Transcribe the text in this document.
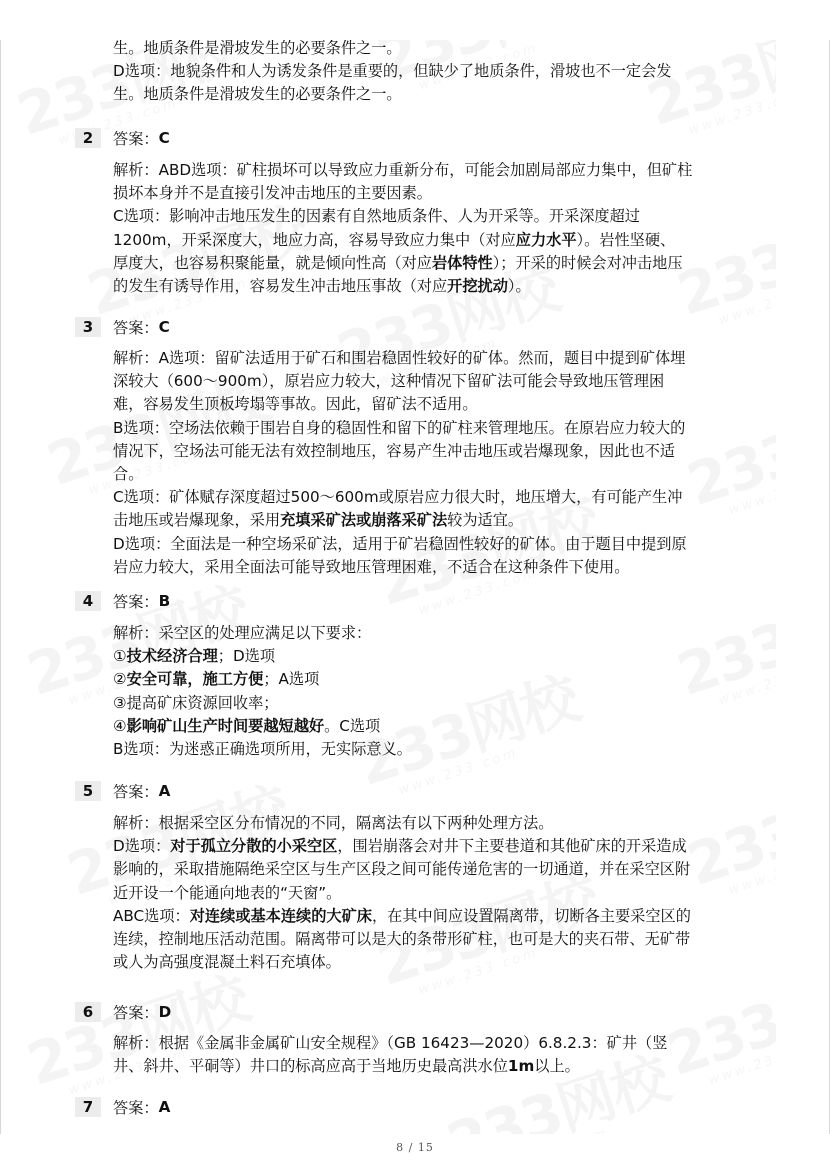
生。地质条件是滑坡发生的必要条件之一。

D选项：地貌条件和人为诱发条件是重要的，但缺少了地质条件，滑坡也不一定会发

生。地质条件是滑坡发生的必要条件之一。

2	答案： C

解析：ABD选项：矿柱损坏可以导致应力重新分布，可能会加剧局部应力集中，但矿柱

损坏本身并不是直接引发冲击地压的主要因素。

C选项：影响冲击地压发生的因素有自然地质条件、人为开采等。开采深度超过

1200m，开采深度大，地应力高，容易导致应力集中（对应应力水平）。岩性坚硬、

厚度大，也容易积聚能量，就是倾向性高（对应岩体特性）；开采的时候会对冲击地压

的发生有诱导作用，容易发生冲击地压事故（对应开挖扰动）。

3	答案： C

解析：A选项：留矿法适用于矿石和围岩稳固性较好的矿体。然而，题目中提到矿体埋

深较大（600～900m），原岩应力较大，这种情况下留矿法可能会导致地压管理困

难，容易发生顶板垮塌等事故。因此，留矿法不适用。

B选项：空场法依赖于围岩自身的稳固性和留下的矿柱来管理地压。在原岩应力较大的

情况下，空场法可能无法有效控制地压，容易产生冲击地压或岩爆现象，因此也不适

合。

C选项：矿体赋存深度超过500～600m或原岩应力很大时，地压增大，有可能产生冲

击地压或岩爆现象，采用充填采矿法或崩落采矿法较为适宜。

D选项：全面法是一种空场采矿法，适用于矿岩稳固性较好的矿体。由于题目中提到原

岩应力较大，采用全面法可能导致地压管理困难，不适合在这种条件下使用。

4	答案： B

解析：采空区的处理应满足以下要求：

①技术经济合理；D选项

②安全可靠，施工方便；A选项

③提高矿床资源回收率；

④影响矿山生产时间要越短越好。C选项

B选项：为迷惑正确选项所用，无实际意义。

5	答案： A

解析：根据采空区分布情况的不同，隔离法有以下两种处理方法。

D选项：对于孤立分散的小采空区，围岩崩落会对井下主要巷道和其他矿床的开采造成

影响的，采取措施隔绝采空区与生产区段之间可能传递危害的一切通道，并在采空区附

近开设一个能通向地表的“天窗”。

ABC选项：对连续或基本连续的大矿床，在其中间应设置隔离带，切断各主要采空区的

连续，控制地压活动范围。隔离带可以是大的条带形矿柱，也可是大的夹石带、无矿带

或人为高强度混凝土料石充填体。

6	答案： D

解析：根据《金属非金属矿山安全规程》（GB 16423—2020）6.8.2.3：矿井（竖

井、斜井、平硐等）井口的标高应高于当地历史最高洪水位1m以上。

7	答案： A
8 / 15
